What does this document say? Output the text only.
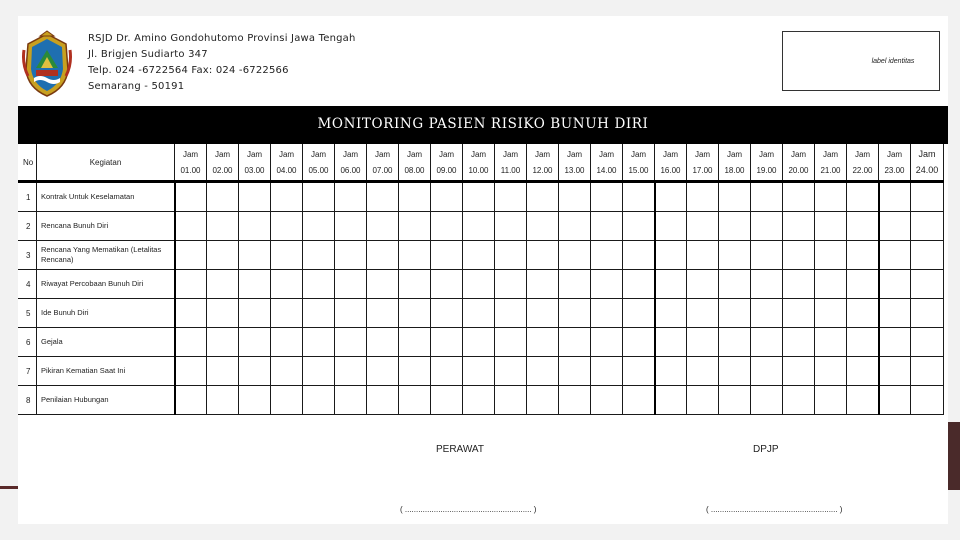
RSJD Dr. Amino Gondohutomo Provinsi Jawa Tengah
Jl. Brigjen Sudiarto 347
Telp. 024 -6722564 Fax: 024 -6722566
Semarang - 50191
label identitas
MONITORING PASIEN RISIKO BUNUH DIRI
No	Kegiatan	Jam	Jam	Jam	Jam	Jam	Jam	Jam	Jam	Jam	Jam	Jam	Jam	Jam	Jam	Jam	Jam	Jam	Jam	Jam	Jam	Jam	Jam	Jam	Jam
		01.00	02.00	03.00	04.00	05.00	06.00	07.00	08.00	09.00	10.00	11.00	12.00	13.00	14.00	15.00	16.00	17.00	18.00	19.00	20.00	21.00	22.00	23.00	24.00
1	Kontrak Untuk Keselamatan																								
2	Rencana Bunuh Diri																								
3	Rencana Yang Mematikan (Letalitas Rencana)																								
4	Riwayat Percobaan Bunuh Diri																								
5	Ide Bunuh Diri																								
6	Gejala																								
7	Pikiran Kematian Saat Ini																								
8	Penilaian Hubungan																								
PERAWAT	DPJP
( ......................................................... )	( ......................................................... )
